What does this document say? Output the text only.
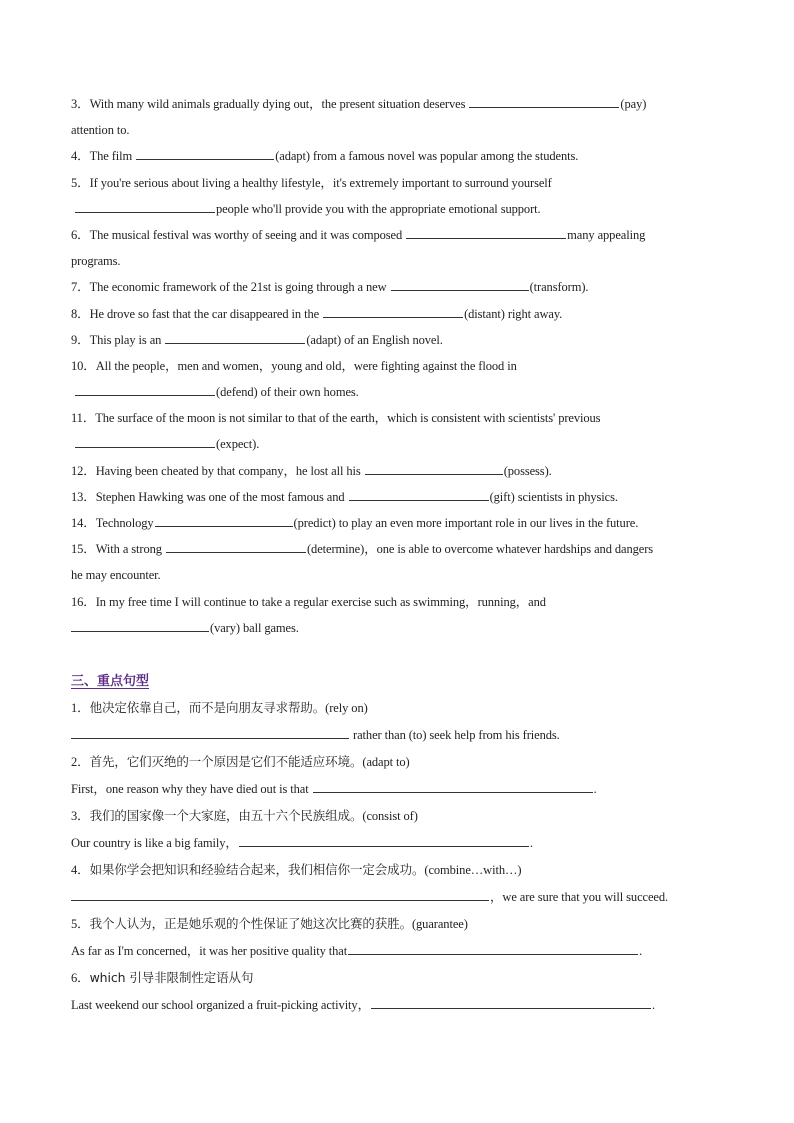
3．With many wild animals gradually dying out，the present situation deserves	(pay)
attention to.
4．The film	(adapt) from a famous novel was popular among the students.
5．If you're serious about living a healthy lifestyle，it's extremely important to surround yourself
people who'll provide you with the appropriate emotional support.
6．The musical festival was worthy of seeing and it was composed	many appealing
programs.
7．The economic framework of the 21st is going through a new	(transform).
8．He drove so fast that the car disappeared in the	(distant) right away.
9．This play is an	(adapt) of an English novel.
10．All the people，men and women，young and old，were fighting against the flood in
(defend) of their own homes.
11．The surface of the moon is not similar to that of the earth，which is consistent with scientists' previous
(expect).
12．Having been cheated by that company，he lost all his	(possess).
13．Stephen Hawking was one of the most famous and	(gift) scientists in physics.
14．Technology	(predict) to play an even more important role in our lives in the future.
15．With a strong	(determine)，one is able to overcome whatever hardships and dangers
he may encounter.
16．In my free time I will continue to take a regular exercise such as swimming，running，and
(vary) ball games.
三、重点句型
1．他决定依靠自己，而不是向朋友寻求帮助。(rely on)
rather than (to) seek help from his friends.
2．首先，它们灭绝的一个原因是它们不能适应环境。(adapt to)
First，one reason why they have died out is that	.
3．我们的国家像一个大家庭，由五十六个民族组成。(consist of)
Our country is like a big family，	.
4．如果你学会把知识和经验结合起来，我们相信你一定会成功。(combine…with…)
，we are sure that you will succeed.
5．我个人认为，正是她乐观的个性保证了她这次比赛的获胜。(guarantee)
As far as I'm concerned，it was her positive quality that	.
6．which 引导非限制性定语从句
Last weekend our school organized a fruit-picking activity，	.
